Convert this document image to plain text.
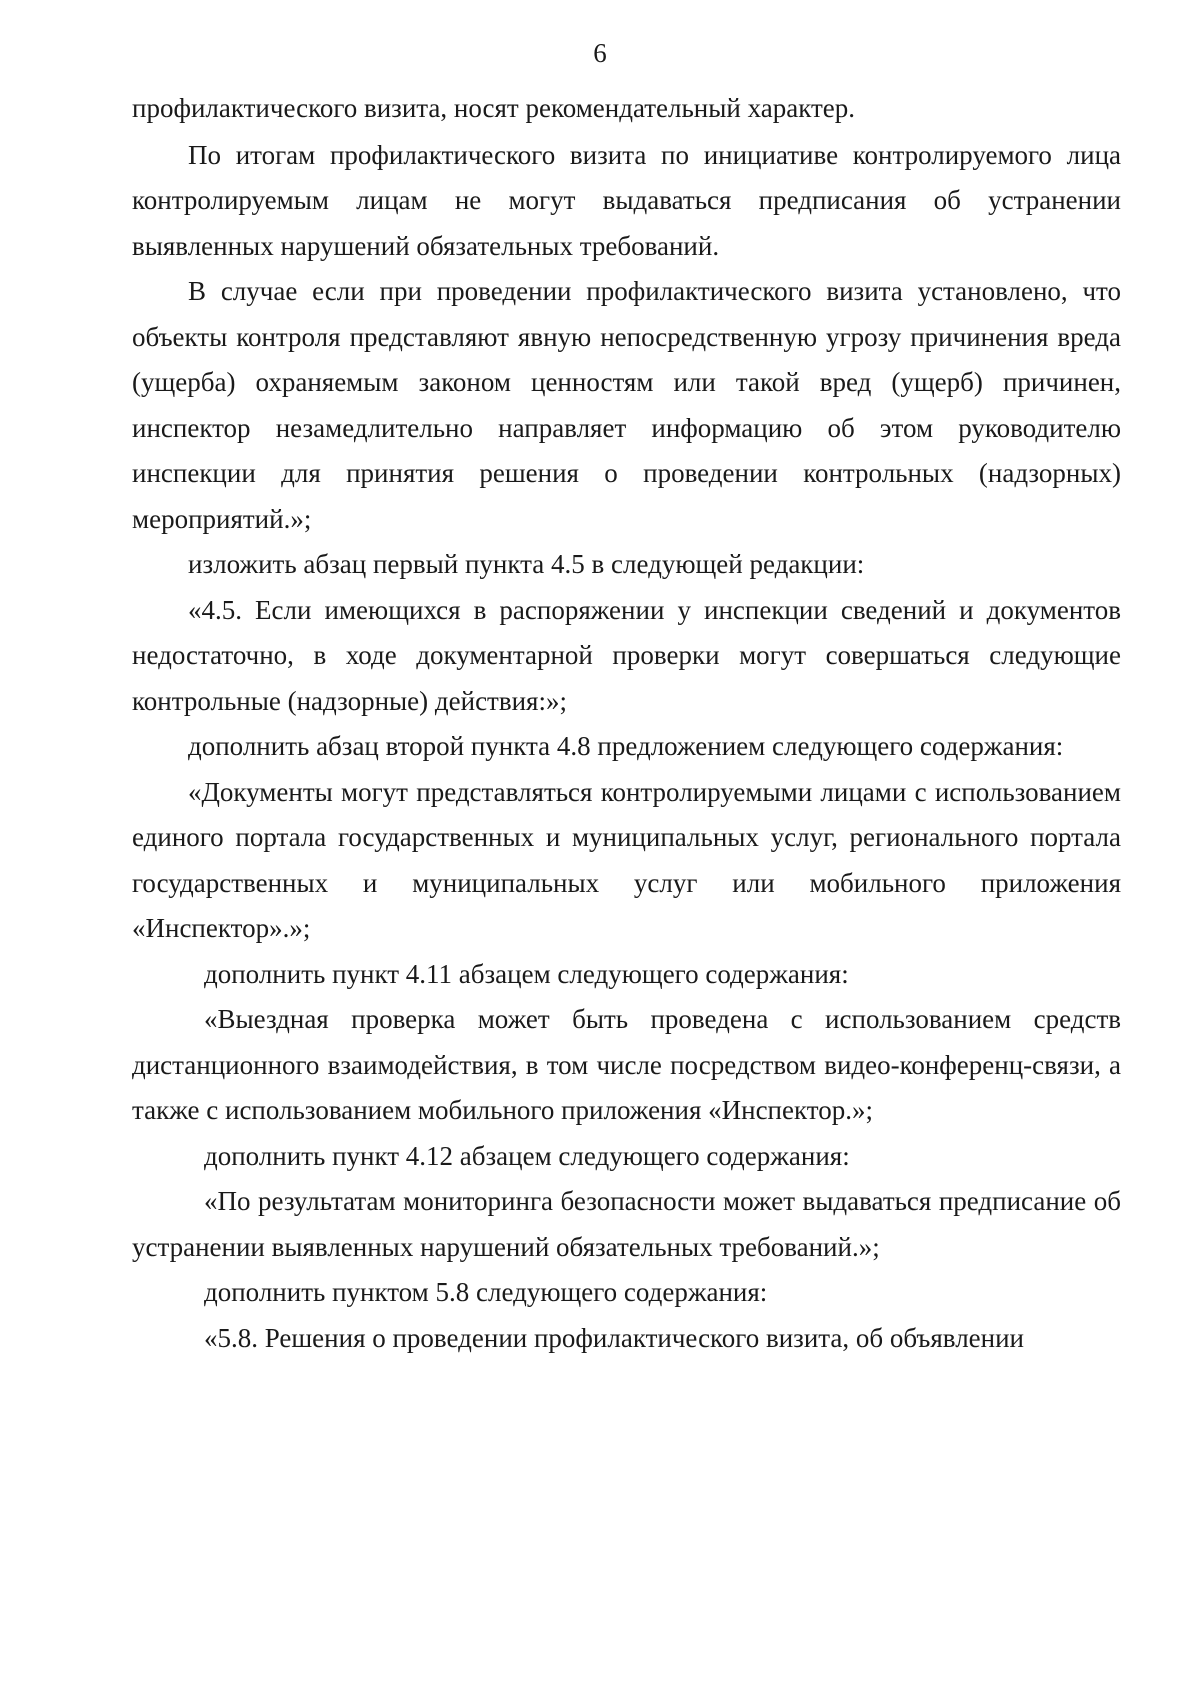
6

профилактического визита, носят рекомендательный характер.

По итогам профилактического визита по инициативе контролируемого лица контролируемым лицам не могут выдаваться предписания об устранении выявленных нарушений обязательных требований.

В случае если при проведении профилактического визита установлено, что объекты контроля представляют явную непосредственную угрозу причинения вреда (ущерба) охраняемым законом ценностям или такой вред (ущерб) причинен, инспектор незамедлительно направляет информацию об этом руководителю инспекции для принятия решения о проведении контрольных (надзорных) мероприятий.»;

изложить абзац первый пункта 4.5 в следующей редакции:

«4.5. Если имеющихся в распоряжении у инспекции сведений и документов недостаточно, в ходе документарной проверки могут совершаться следующие контрольные (надзорные) действия:»;

дополнить абзац второй пункта 4.8 предложением следующего содержания:

«Документы могут представляться контролируемыми лицами с использованием единого портала государственных и муниципальных услуг, регионального портала государственных и муниципальных услуг или мобильного приложения «Инспектор».»;

дополнить пункт 4.11 абзацем следующего содержания:

«Выездная проверка может быть проведена с использованием средств дистанционного взаимодействия, в том числе посредством видео-конференц-связи, а также с использованием мобильного приложения «Инспектор.»;

дополнить пункт 4.12 абзацем следующего содержания:

«По результатам мониторинга безопасности может выдаваться предписание об устранении выявленных нарушений обязательных требований.»;

дополнить пунктом 5.8 следующего содержания:

«5.8. Решения о проведении профилактического визита, об объявлении
